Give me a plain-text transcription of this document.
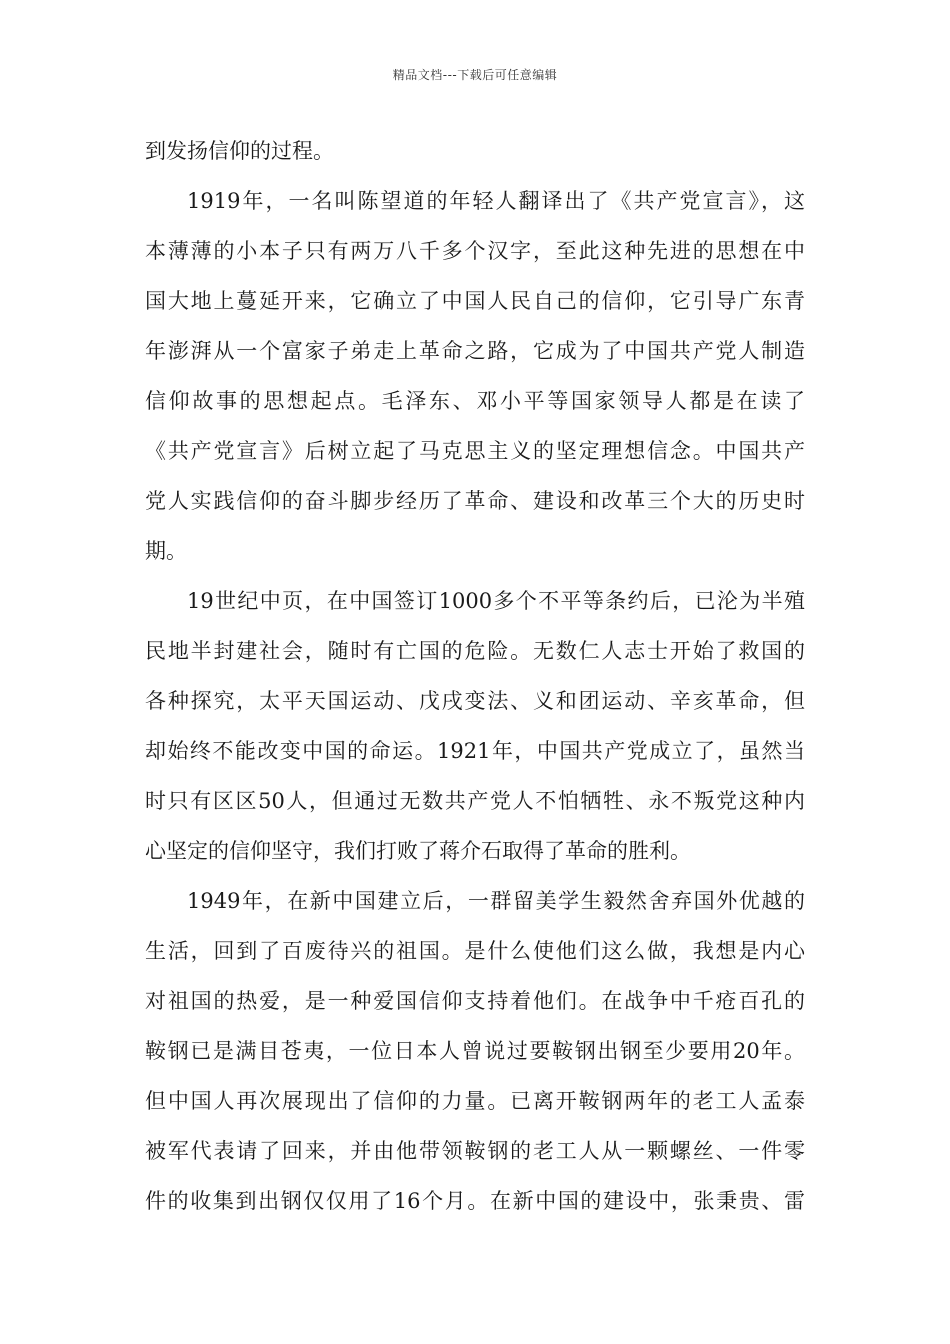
精品文档---下载后可任意编辑
到发扬信仰的过程。
1919年，一名叫陈望道的年轻人翻译出了《共产党宣言》，这
本薄薄的小本子只有两万八千多个汉字，至此这种先进的思想在中
国大地上蔓延开来，它确立了中国人民自己的信仰，它引导广东青
年澎湃从一个富家子弟走上革命之路，它成为了中国共产党人制造
信仰故事的思想起点。毛泽东、邓小平等国家领导人都是在读了
《共产党宣言》后树立起了马克思主义的坚定理想信念。中国共产
党人实践信仰的奋斗脚步经历了革命、建设和改革三个大的历史时
期。
19世纪中页，在中国签订1000多个不平等条约后，已沦为半殖
民地半封建社会，随时有亡国的危险。无数仁人志士开始了救国的
各种探究，太平天国运动、戊戌变法、义和团运动、辛亥革命，但
却始终不能改变中国的命运。1921年，中国共产党成立了，虽然当
时只有区区50人，但通过无数共产党人不怕牺牲、永不叛党这种内
心坚定的信仰坚守，我们打败了蒋介石取得了革命的胜利。
1949年，在新中国建立后，一群留美学生毅然舍弃国外优越的
生活，回到了百废待兴的祖国。是什么使他们这么做，我想是内心
对祖国的热爱，是一种爱国信仰支持着他们。在战争中千疮百孔的
鞍钢已是满目苍夷，一位日本人曾说过要鞍钢出钢至少要用20年。
但中国人再次展现出了信仰的力量。已离开鞍钢两年的老工人孟泰
被军代表请了回来，并由他带领鞍钢的老工人从一颗螺丝、一件零
件的收集到出钢仅仅用了16个月。在新中国的建设中，张秉贵、雷
